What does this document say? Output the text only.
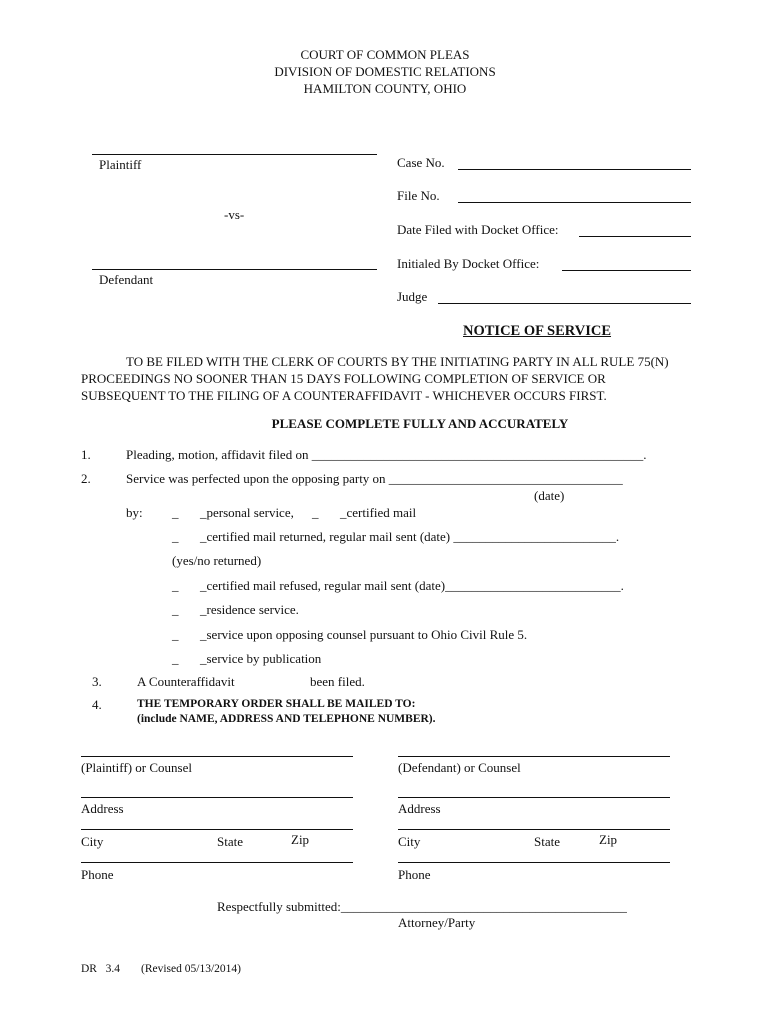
COURT OF COMMON PLEAS
DIVISION OF DOMESTIC RELATIONS
HAMILTON COUNTY, OHIO
Plaintiff
-vs-
Defendant
Case No.
File No.
Date Filed with Docket Office:
Initialed By Docket Office:
Judge
NOTICE OF SERVICE
TO BE FILED WITH THE CLERK OF COURTS BY THE INITIATING PARTY IN ALL RULE 75(N) PROCEEDINGS NO SOONER THAN 15 DAYS FOLLOWING COMPLETION OF SERVICE OR SUBSEQUENT TO THE FILING OF A COUNTERAFFIDAVIT - WHICHEVER OCCURS FIRST.
PLEASE COMPLETE FULLY AND ACCURATELY
1.	Pleading, motion, affidavit filed on ___________________________________________________.
2.	Service was perfected upon the opposing party on ____________________________________
(date)
by: _ _personal service, _ _certified mail
_ _certified mail returned, regular mail sent (date) _________________________.
(yes/no returned)
_ _certified mail refused, regular mail sent (date)___________________________.
_ _residence service.
_ _service upon opposing counsel pursuant to Ohio Civil Rule 5.
_ _service by publication
3.	A Counteraffidavit	been filed.
4.	THE TEMPORARY ORDER SHALL BE MAILED TO:
(include NAME, ADDRESS AND TELEPHONE NUMBER).
(Plaintiff) or Counsel
Address
City	State	Zip
Phone
(Defendant) or Counsel
Address
City	State	Zip
Phone
Respectfully submitted:____________________________________________
Attorney/Party
DR   3.4 (Revised 05/13/2014)
